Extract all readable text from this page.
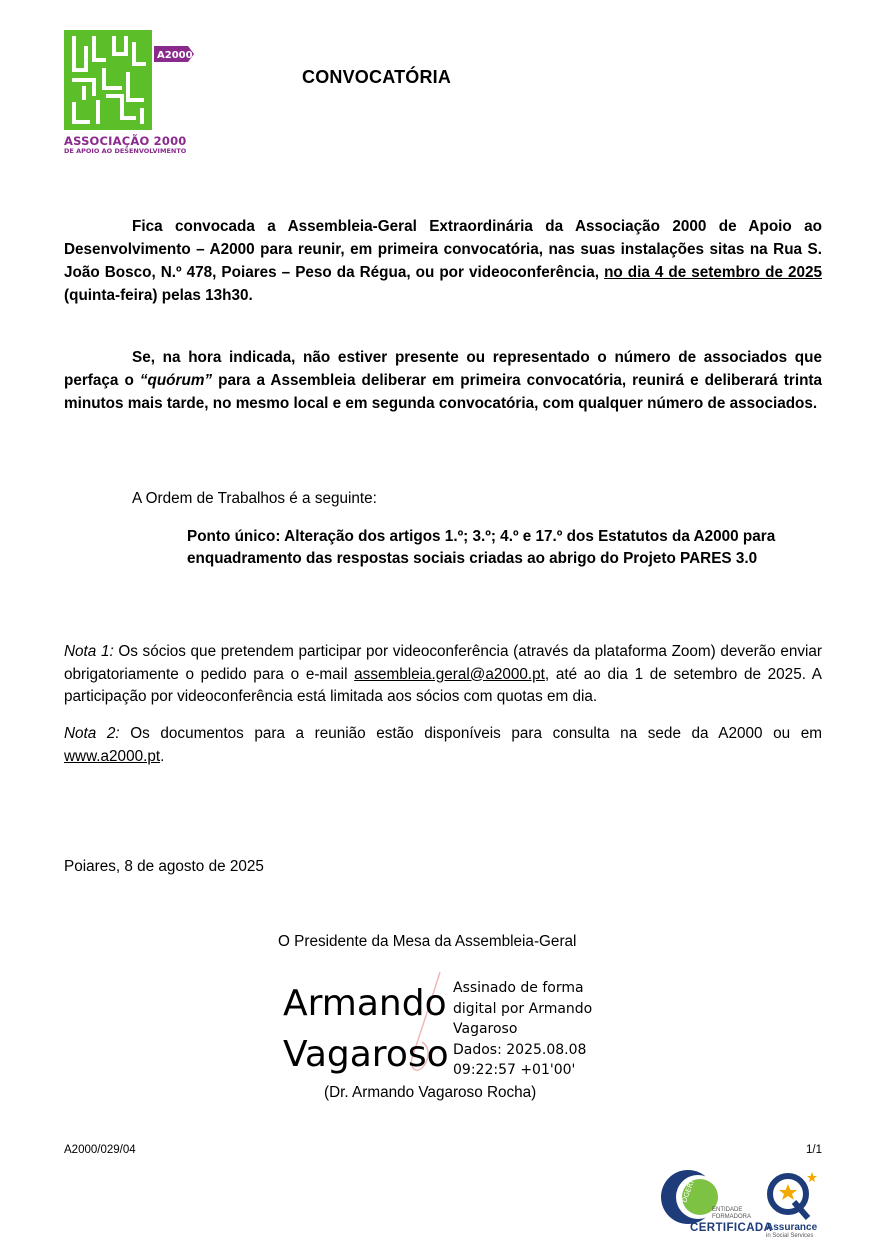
A2000
ASSOCIAÇÃO 2000
DE APOIO AO DESENVOLVIMENTO
CONVOCATÓRIA
Fica convocada a Assembleia-Geral Extraordinária da Associação 2000 de Apoio ao Desenvolvimento – A2000 para reunir, em primeira convocatória, nas suas instalações sitas na Rua S. João Bosco, N.º 478, Poiares – Peso da Régua, ou por videoconferência, no dia 4 de setembro de 2025 (quinta-feira) pelas 13h30.
Se, na hora indicada, não estiver presente ou representado o número de associados que perfaça o “quórum” para a Assembleia deliberar em primeira convocatória, reunirá e deliberará trinta minutos mais tarde, no mesmo local e em segunda convocatória, com qualquer número de associados.
A Ordem de Trabalhos é a seguinte:
Ponto único: Alteração dos artigos 1.º; 3.º; 4.º e 17.º dos Estatutos da A2000 para enquadramento das respostas sociais criadas ao abrigo do Projeto PARES 3.0
Nota 1: Os sócios que pretendem participar por videoconferência (através da plataforma Zoom) deverão enviar obrigatoriamente o pedido para o e-mail assembleia.geral@a2000.pt, até ao dia 1 de setembro de 2025. A participação por videoconferência está limitada aos sócios com quotas em dia.
Nota 2: Os documentos para a reunião estão disponíveis para consulta na sede da A2000 ou em www.a2000.pt.
Poiares, 8 de agosto de 2025
O Presidente da Mesa da Assembleia-Geral
Armando
Vagaroso
Assinado de forma
digital por Armando
Vagaroso
Dados: 2025.08.08
09:22:57 +01'00'
(Dr. Armando Vagaroso Rocha)
A2000/029/04	1/1
DGERT
ENTIDADE
FORMADORA
CERTIFICADA
Assurance
in Social Services
